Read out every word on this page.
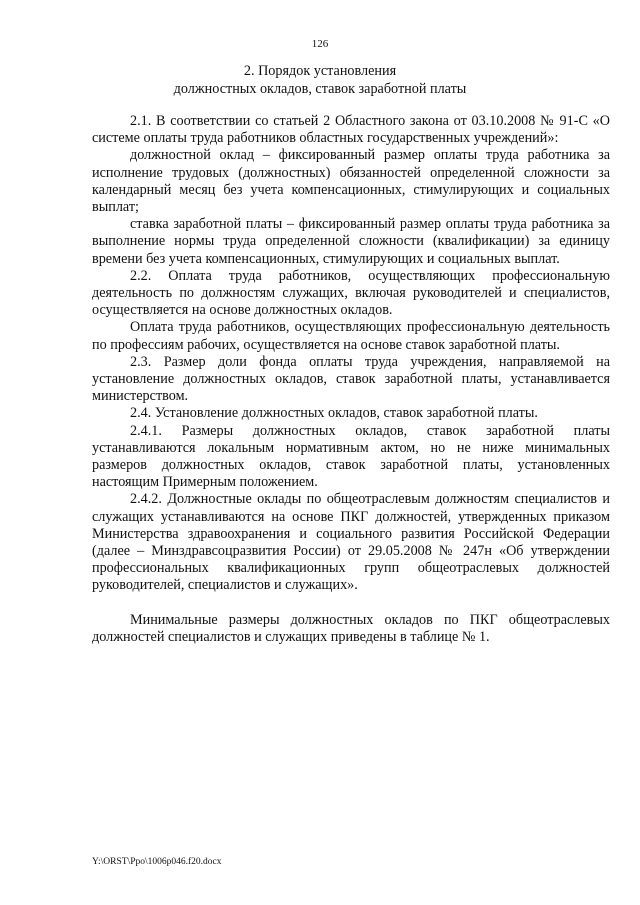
126
2. Порядок установления
должностных окладов, ставок заработной платы

2.1. В соответствии со статьей 2 Областного закона от 03.10.2008 № 91-С «О системе оплаты труда работников областных государственных учреждений»:

должностной оклад – фиксированный размер оплаты труда работника за исполнение трудовых (должностных) обязанностей определенной сложности за календарный месяц без учета компенсационных, стимулирующих и социальных выплат;

ставка заработной платы – фиксированный размер оплаты труда работника за выполнение нормы труда определенной сложности (квалификации) за единицу времени без учета компенсационных, стимулирующих и социальных выплат.

2.2. Оплата труда работников, осуществляющих профессиональную деятельность по должностям служащих, включая руководителей и специалистов, осуществляется на основе должностных окладов.

Оплата труда работников, осуществляющих профессиональную деятельность по профессиям рабочих, осуществляется на основе ставок заработной платы.

2.3. Размер доли фонда оплаты труда учреждения, направляемой на установление должностных окладов, ставок заработной платы, устанавливается министерством.

2.4. Установление должностных окладов, ставок заработной платы.

2.4.1. Размеры должностных окладов, ставок заработной платы устанавливаются локальным нормативным актом, но не ниже минимальных размеров должностных окладов, ставок заработной платы, установленных настоящим Примерным положением.

2.4.2. Должностные оклады по общеотраслевым должностям специалистов и служащих устанавливаются на основе ПКГ должностей, утвержденных приказом Министерства здравоохранения и социального развития Российской Федерации (далее – Минздравсоцразвития России) от 29.05.2008 № 247н «Об утверждении профессиональных квалификационных групп общеотраслевых должностей руководителей, специалистов и служащих».

Минимальные размеры должностных окладов по ПКГ общеотраслевых должностей специалистов и служащих приведены в таблице № 1.

Y:\ORST\Ppo\1006p046.f20.docx
